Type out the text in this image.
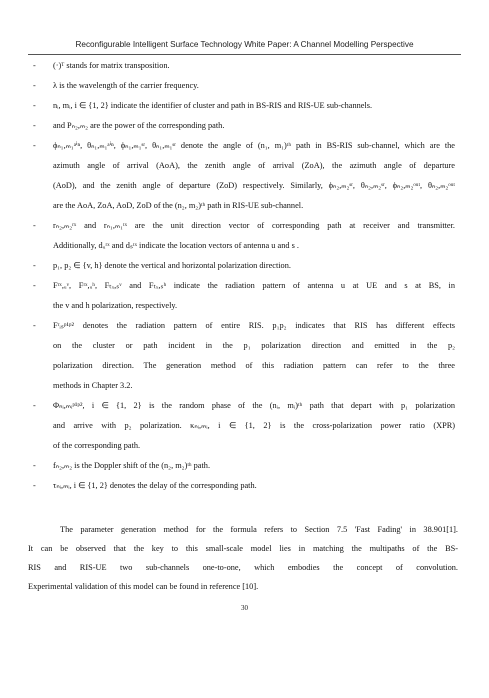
Reconfigurable Intelligent Surface Technology White Paper: A Channel Modelling Perspective
- (·)ᵀ stands for matrix transposition.
- λ is the wavelength of the carrier frequency.
- nᵢ, mᵢ, i ∈ {1, 2} indicate the identifier of cluster and path in BS-RIS and RIS-UE sub-channels.
- and Pₙ₂,ₘ₂ are the power of the corresponding path.
- ϕₙ₁,ₘ₁ᵃⁱⁿ, θₙ₁,ₘ₁ᵃⁱⁿ, ϕₙ₁,ₘ₁ˢʳ, θₙ₁,ₘ₁ˢʳ denote the angle of (n₁, m₁)ᵗʰ path in BS-RIS sub-channel, which are the
azimuth angle of arrival (AoA), the zenith angle of arrival (ZoA), the azimuth angle of departure
(AoD), and the zenith angle of departure (ZoD) respectively. Similarly, ϕₙ₂,ₘ₂ˢʳ, θₙ₂,ₘ₂ˢʳ, ϕₙ₂,ₘ₂ᵒᵘᵗ, θₙ₂,ₘ₂ᵒᵘᵗ
are the AoA, ZoA, AoD, ZoD of the (n₂, m₂)ᵗʰ path in RIS-UE sub-channel.
- rₙ₂,ₘ₂ʳˣ and rₙ₁,ₘ₁ᵗˣ are the unit direction vector of corresponding path at receiver and transmitter.
Additionally, dᵤʳˣ and dₛᵗˣ indicate the location vectors of antenna u and s .
- p₁, p₂ ∈ {v, h} denote the vertical and horizontal polarization direction.
- Fʳˣ,ᵤᵛ, Fʳˣ,ᵤʰ, Fₜₓ,ₛᵛ and Fₜₓ,ₛʰ indicate the radiation pattern of antenna u at UE and s at BS, in
the v and h polarization, respectively.
- Fʳᵢₛᵖ¹ᵖ² denotes the radiation pattern of entire RIS. p₁p₂ indicates that RIS has different effects
on the cluster or path incident in the p₁ polarization direction and emitted in the p₂
polarization direction. The generation method of this radiation pattern can refer to the three
methods in Chapter 3.2.
- Φₙᵢ,ₘᵢᵖ¹ᵖ², i ∈ {1, 2} is the random phase of the (nᵢ, mᵢ)ᵗʰ path that depart with p₁ polarization
and arrive with p₂ polarization. κₙᵢ,ₘᵢ, i ∈ {1, 2} is the cross-polarization power ratio (XPR)
of the corresponding path.
- fₙ₂,ₘ₂ is the Doppler shift of the (n₂, m₂)ᵗʰ path.
- τₙᵢ,ₘᵢ, i ∈ {1, 2} denotes the delay of the corresponding path.
The parameter generation method for the formula refers to Section 7.5 'Fast Fading' in 38.901[1].
It can be observed that the key to this small-scale model lies in matching the multipaths of the BS-
RIS and RIS-UE two sub-channels one-to-one, which embodies the concept of convolution.
Experimental validation of this model can be found in reference [10].
30
